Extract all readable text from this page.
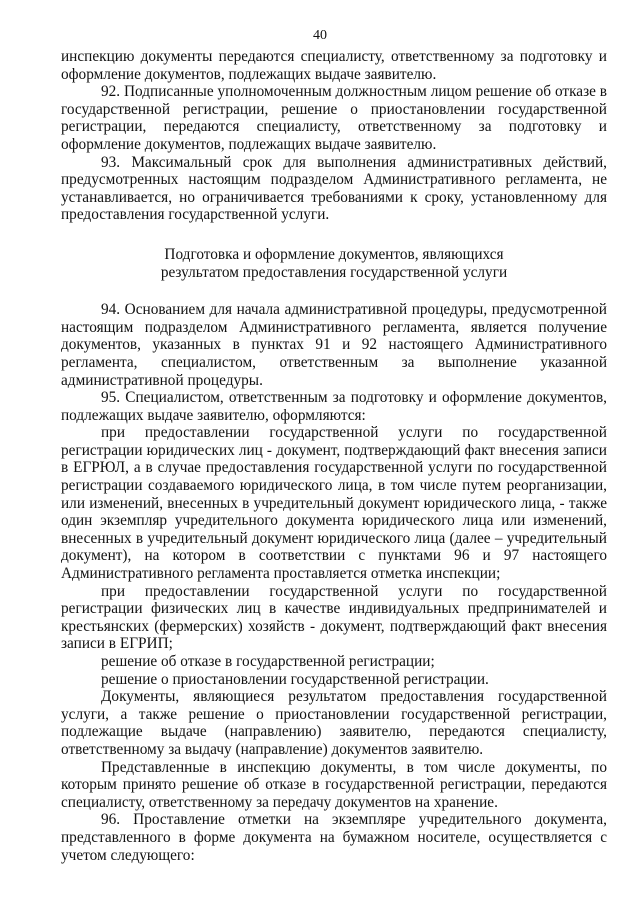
40

инспекцию документы передаются специалисту, ответственному за подготовку и оформление документов, подлежащих выдаче заявителю.

92. Подписанные уполномоченным должностным лицом решение об отказе в государственной регистрации, решение о приостановлении государственной регистрации, передаются специалисту, ответственному за подготовку и оформление документов, подлежащих выдаче заявителю.

93. Максимальный срок для выполнения административных действий, предусмотренных настоящим подразделом Административного регламента, не устанавливается, но ограничивается требованиями к сроку, установленному для предоставления государственной услуги.

Подготовка и оформление документов, являющихся

результатом предоставления государственной услуги

94. Основанием для начала административной процедуры, предусмотренной настоящим подразделом Административного регламента, является получение документов, указанных в пунктах 91 и 92 настоящего Административного регламента, специалистом, ответственным за выполнение указанной административной процедуры.

95. Специалистом, ответственным за подготовку и оформление документов, подлежащих выдаче заявителю, оформляются:

при предоставлении государственной услуги по государственной регистрации юридических лиц - документ, подтверждающий факт внесения записи в ЕГРЮЛ, а в случае предоставления государственной услуги по государственной регистрации создаваемого юридического лица, в том числе путем реорганизации, или изменений, внесенных в учредительный документ юридического лица, - также один экземпляр учредительного документа юридического лица или изменений, внесенных в учредительный документ юридического лица (далее – учредительный документ), на котором в соответствии с пунктами 96 и 97 настоящего Административного регламента проставляется отметка инспекции;

при предоставлении государственной услуги по государственной регистрации физических лиц в качестве индивидуальных предпринимателей и крестьянских (фермерских) хозяйств - документ, подтверждающий факт внесения записи в ЕГРИП;

решение об отказе в государственной регистрации;

решение о приостановлении государственной регистрации.

Документы, являющиеся результатом предоставления государственной услуги, а также решение о приостановлении государственной регистрации, подлежащие выдаче (направлению) заявителю, передаются специалисту, ответственному за выдачу (направление) документов заявителю.

Представленные в инспекцию документы, в том числе документы, по которым принято решение об отказе в государственной регистрации, передаются специалисту, ответственному за передачу документов на хранение.

96. Проставление отметки на экземпляре учредительного документа, представленного в форме документа на бумажном носителе, осуществляется с учетом следующего:
